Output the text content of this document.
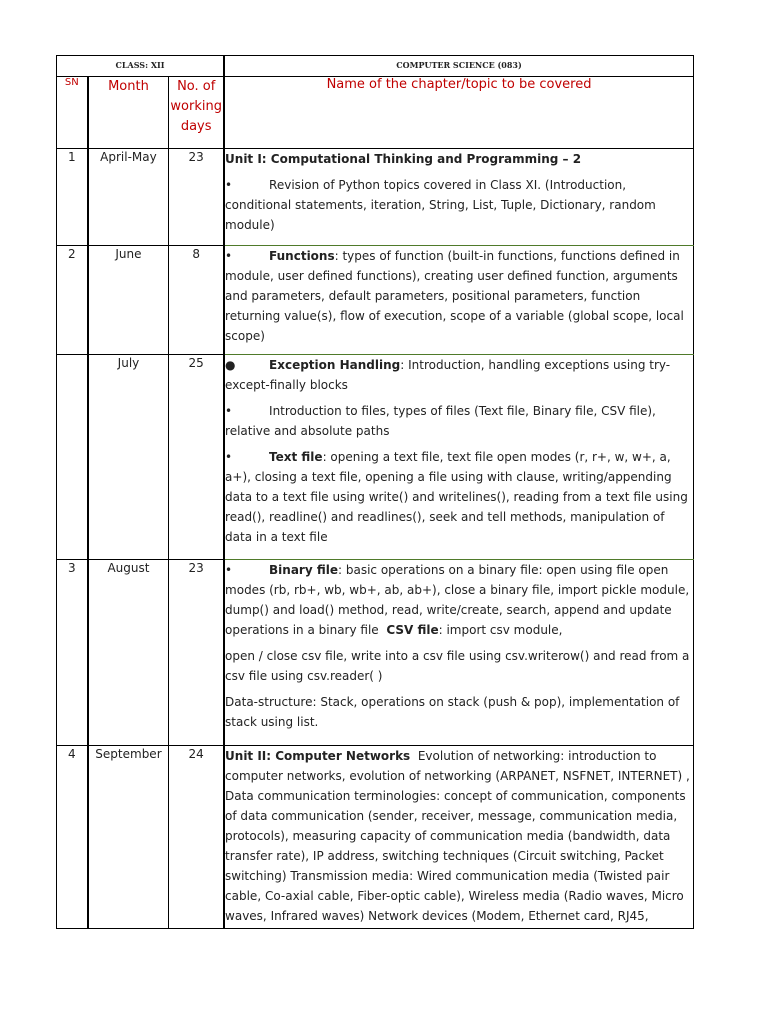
CLASS: XII			COMPUTER SCIENCE (083)
SN	Month	No. of working days	Name of the chapter/topic to be covered
1	April-May	23	Unit I: Computational Thinking and Programming – 2

• Revision of Python topics covered in Class XI. (Introduction, conditional statements, iteration, String, List, Tuple, Dictionary, random module)

2	June	8	• Functions: types of function (built-in functions, functions defined in module, user defined functions), creating user defined function, arguments and parameters, default parameters, positional parameters, function returning value(s), flow of execution, scope of a variable (global scope, local scope)

	July	25	● Exception Handling: Introduction, handling exceptions using try- except-finally blocks

• Introduction to files, types of files (Text file, Binary file, CSV file), relative and absolute paths

• Text file: opening a text file, text file open modes (r, r+, w, w+, a, a+), closing a text file, opening a file using with clause, writing/appending data to a text file using write() and writelines(), reading from a text file using read(), readline() and readlines(), seek and tell methods, manipulation of data in a text file

3	August	23	• Binary file: basic operations on a binary file: open using file open modes (rb, rb+, wb, wb+, ab, ab+), close a binary file, import pickle module, dump() and load() method, read, write/create, search, append and update operations in a binary file CSV file: import csv module,

open / close csv file, write into a csv file using csv.writerow() and read from a csv file using csv.reader( )

Data-structure: Stack, operations on stack (push & pop), implementation of stack using list.

4	September	24	Unit II: Computer Networks Evolution of networking: introduction to computer networks, evolution of networking (ARPANET, NSFNET, INTERNET) , Data communication terminologies: concept of communication, components of data communication (sender, receiver, message, communication media, protocols), measuring capacity of communication media (bandwidth, data transfer rate), IP address, switching techniques (Circuit switching, Packet switching) Transmission media: Wired communication media (Twisted pair cable, Co-axial cable, Fiber-optic cable), Wireless media (Radio waves, Micro waves, Infrared waves) Network devices (Modem, Ethernet card, RJ45,
